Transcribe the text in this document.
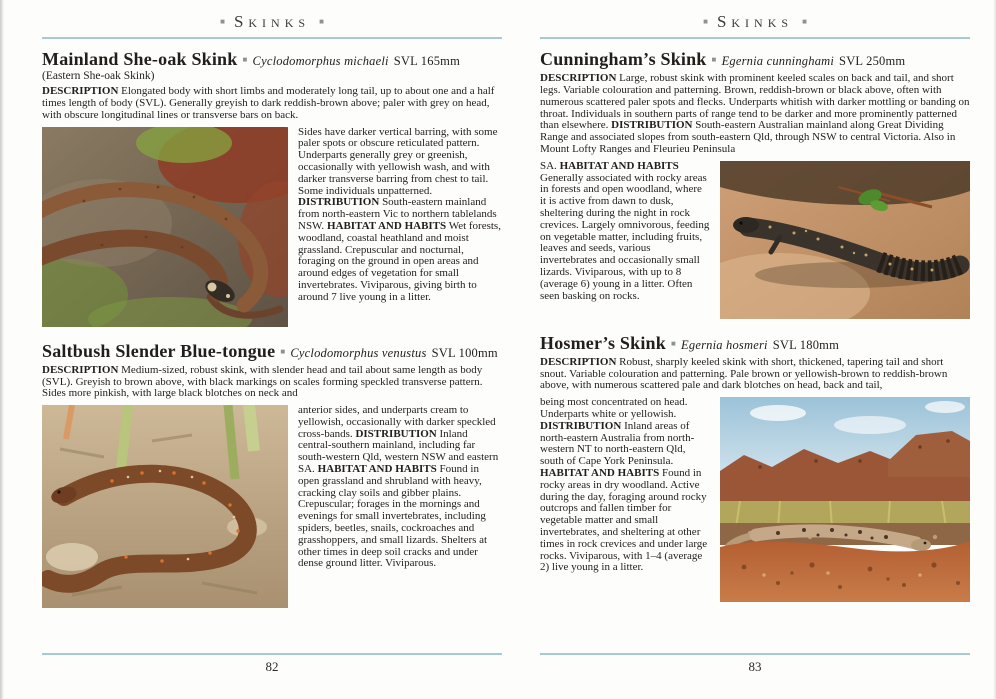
■ Skinks ■
Mainland She-oak Skink ■ Cyclodomorphus michaeli SVL 165mm
(Eastern She-oak Skink)

DESCRIPTION Elongated body with short limbs and moderately long tail, up to about one and a half times length of body (SVL). Generally greyish to dark reddish-brown above; paler with grey on head, with obscure longitudinal lines or transverse bars on back.

Sides have darker vertical barring, with some paler spots or obscure reticulated pattern. Underparts generally grey or greenish, occasionally with yellowish wash, and with darker transverse barring from chest to tail. Some individuals unpatterned. DISTRIBUTION South-eastern mainland from north-eastern Vic to northern tablelands NSW. HABITAT AND HABITS Wet forests, woodland, coastal heathland and moist grassland. Crepuscular and nocturnal, foraging on the ground in open areas and around edges of vegetation for small invertebrates. Viviparous, giving birth to around 7 live young in a litter.

Saltbush Slender Blue-tongue ■ Cyclodomorphus venustus SVL 100mm

DESCRIPTION Medium-sized, robust skink, with slender head and tail about same length as body (SVL). Greyish to brown above, with black markings on scales forming speckled transverse pattern. Sides more pinkish, with large black blotches on neck and

anterior sides, and underparts cream to yellowish, occasionally with darker speckled cross-bands. DISTRIBUTION Inland central-southern mainland, including far south-western Qld, western NSW and eastern SA. HABITAT AND HABITS Found in open grassland and shrubland with heavy, cracking clay soils and gibber plains. Crepuscular; forages in the mornings and evenings for small invertebrates, including spiders, beetles, snails, cockroaches and grasshoppers, and small lizards. Shelters at other times in deep soil cracks and under dense ground litter. Viviparous.

82
■ Skinks ■
Cunningham’s Skink ■ Egernia cunninghami SVL 250mm

DESCRIPTION Large, robust skink with prominent keeled scales on back and tail, and short legs. Variable colouration and patterning. Brown, reddish-brown or black above, often with numerous scattered paler spots and flecks. Underparts whitish with darker mottling or banding on throat. Individuals in southern parts of range tend to be darker and more prominently patterned than elsewhere. DISTRIBUTION South-eastern Australian mainland along Great Dividing Range and associated slopes from south-eastern Qld, through NSW to central Victoria. Also in Mount Lofty Ranges and Fleurieu Peninsula

SA. HABITAT AND HABITS Generally associated with rocky areas in forests and open woodland, where it is active from dawn to dusk, sheltering during the night in rock crevices. Largely omnivorous, feeding on vegetable matter, including fruits, leaves and seeds, various invertebrates and occasionally small lizards. Viviparous, with up to 8 (average 6) young in a litter. Often seen basking on rocks.

Hosmer’s Skink ■ Egernia hosmeri SVL 180mm

DESCRIPTION Robust, sharply keeled skink with short, thickened, tapering tail and short snout. Variable colouration and patterning. Pale brown or yellowish-brown to reddish-brown above, with numerous scattered pale and dark blotches on head, back and tail,

being most concentrated on head. Underparts white or yellowish. DISTRIBUTION Inland areas of north-eastern Australia from north-western NT to north-eastern Qld, south of Cape York Peninsula. HABITAT AND HABITS Found in rocky areas in dry woodland. Active during the day, foraging around rocky outcrops and fallen timber for vegetable matter and small invertebrates, and sheltering at other times in rock crevices and under large rocks. Viviparous, with 1–4 (average 2) live young in a litter.

83
